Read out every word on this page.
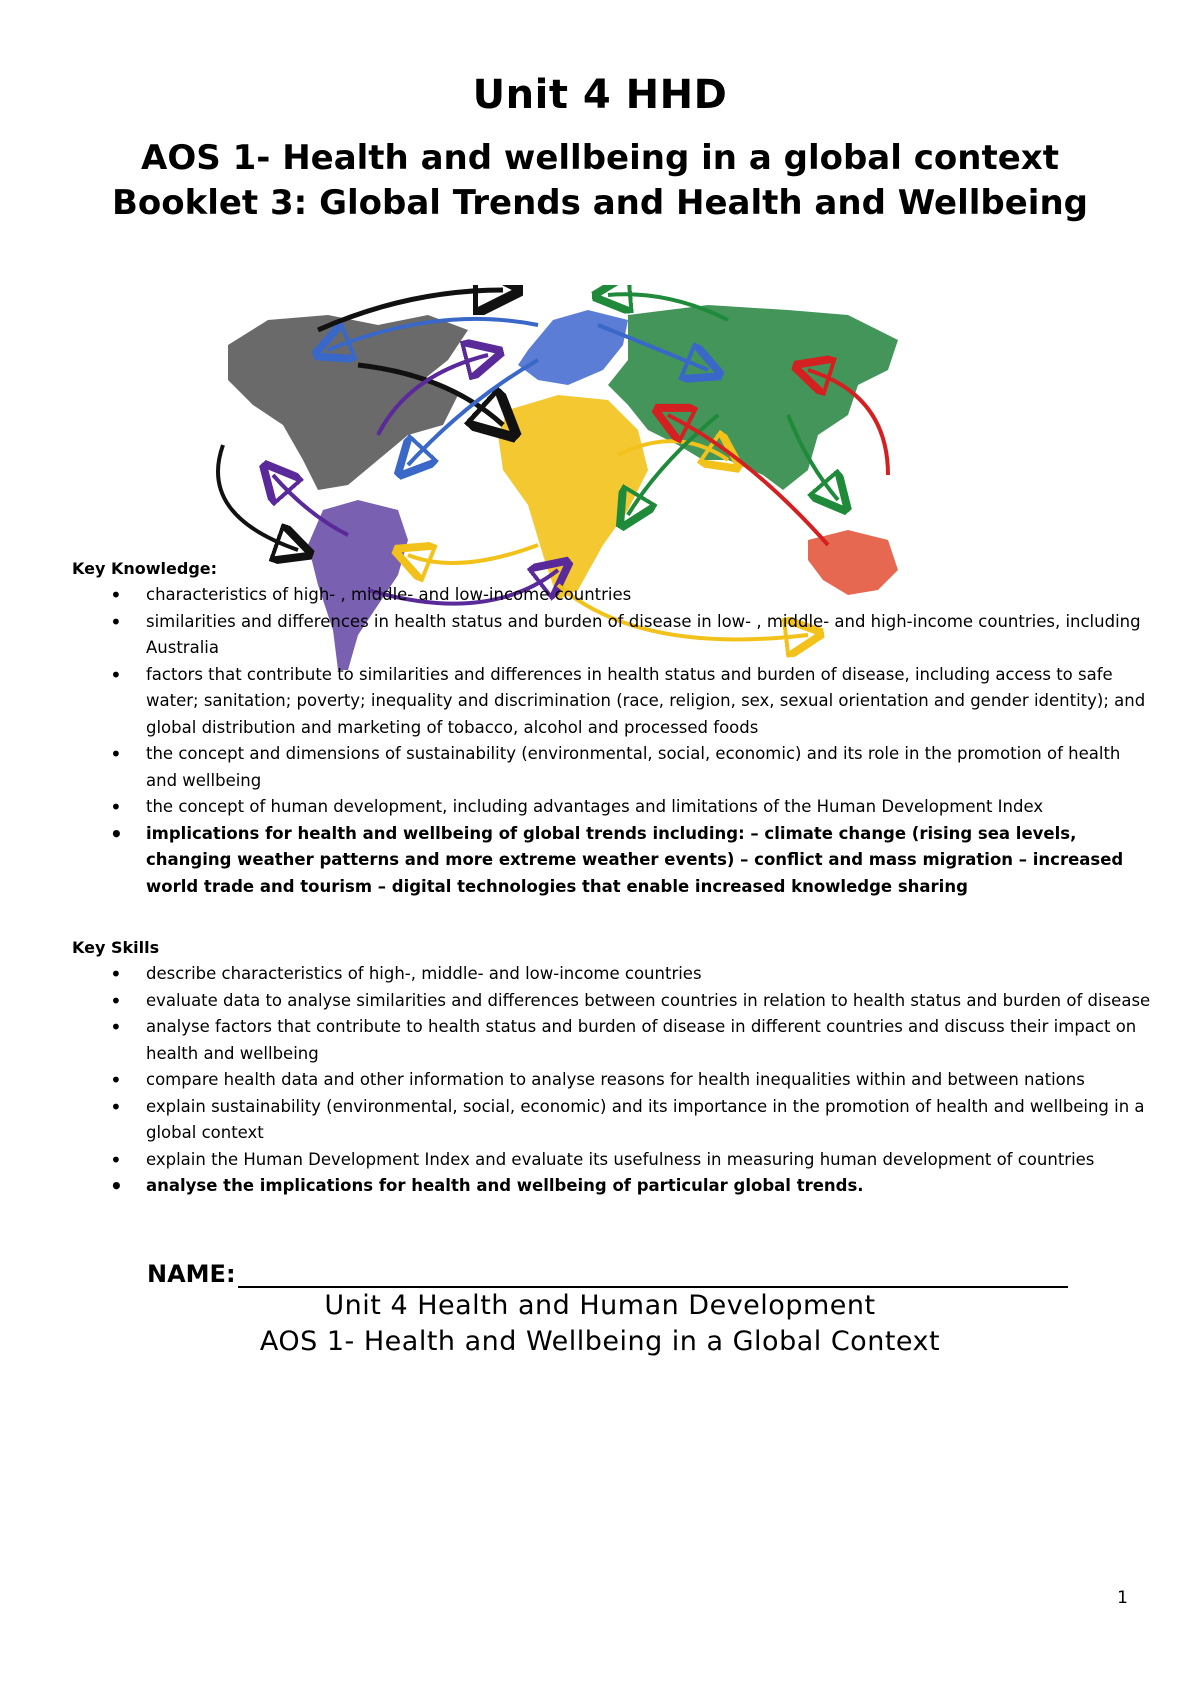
Unit 4 HHD
AOS 1- Health and wellbeing in a global context
Booklet 3: Global Trends and Health and Wellbeing
Key Knowledge:
• characteristics of high- , middle- and low-income countries
• similarities and differences in health status and burden of disease in low- , middle- and high-income countries, including Australia
• factors that contribute to similarities and differences in health status and burden of disease, including access to safe water; sanitation; poverty; inequality and discrimination (race, religion, sex, sexual orientation and gender identity); and global distribution and marketing of tobacco, alcohol and processed foods
• the concept and dimensions of sustainability (environmental, social, economic) and its role in the promotion of health and wellbeing
• the concept of human development, including advantages and limitations of the Human Development Index
• implications for health and wellbeing of global trends including: – climate change (rising sea levels, changing weather patterns and more extreme weather events) – conflict and mass migration – increased world trade and tourism – digital technologies that enable increased knowledge sharing
Key Skills
• describe characteristics of high-, middle- and low-income countries
• evaluate data to analyse similarities and differences between countries in relation to health status and burden of disease
• analyse factors that contribute to health status and burden of disease in different countries and discuss their impact on health and wellbeing
• compare health data and other information to analyse reasons for health inequalities within and between nations
• explain sustainability (environmental, social, economic) and its importance in the promotion of health and wellbeing in a global context
• explain the Human Development Index and evaluate its usefulness in measuring human development of countries
• analyse the implications for health and wellbeing of particular global trends.
NAME:
Unit 4 Health and Human Development
AOS 1- Health and Wellbeing in a Global Context
1
